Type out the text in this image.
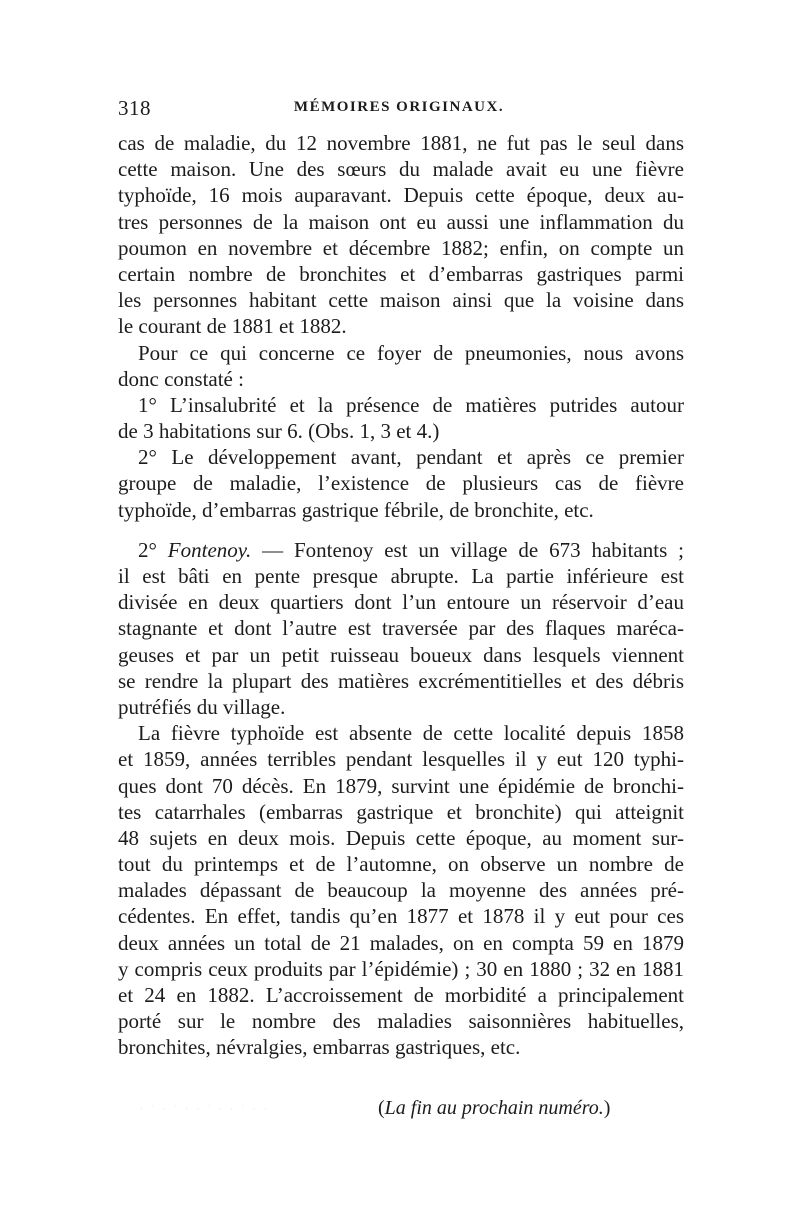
318	MÉMOIRES ORIGINAUX.
cas de maladie, du 12 novembre 1881, ne fut pas le seul dans
cette maison. Une des sœurs du malade avait eu une fièvre
typhoïde, 16 mois auparavant. Depuis cette époque, deux au-
tres personnes de la maison ont eu aussi une inflammation du
poumon en novembre et décembre 1882; enfin, on compte un
certain nombre de bronchites et d’embarras gastriques parmi
les personnes habitant cette maison ainsi que la voisine dans
le courant de 1881 et 1882.
Pour ce qui concerne ce foyer de pneumonies, nous avons
donc constaté :
1° L’insalubrité et la présence de matières putrides autour
de 3 habitations sur 6. (Obs. 1, 3 et 4.)
2° Le développement avant, pendant et après ce premier
groupe de maladie, l’existence de plusieurs cas de fièvre
typhoïde, d’embarras gastrique fébrile, de bronchite, etc.
2° Fontenoy. — Fontenoy est un village de 673 habitants ;
il est bâti en pente presque abrupte. La partie inférieure est
divisée en deux quartiers dont l’un entoure un réservoir d’eau
stagnante et dont l’autre est traversée par des flaques maréca-
geuses et par un petit ruisseau boueux dans lesquels viennent
se rendre la plupart des matières excrémentitielles et des débris
putréfiés du village.
La fièvre typhoïde est absente de cette localité depuis 1858
et 1859, années terribles pendant lesquelles il y eut 120 typhi-
ques dont 70 décès. En 1879, survint une épidémie de bronchi-
tes catarrhales (embarras gastrique et bronchite) qui atteignit
48 sujets en deux mois. Depuis cette époque, au moment sur-
tout du printemps et de l’automne, on observe un nombre de
malades dépassant de beaucoup la moyenne des années pré-
cédentes. En effet, tandis qu’en 1877 et 1878 il y eut pour ces
deux années un total de 21 malades, on en compta 59 en 1879
y compris ceux produits par l’épidémie) ; 30 en 1880 ; 32 en 1881
et 24 en 1882. L’accroissement de morbidité a principalement
porté sur le nombre des maladies saisonnières habituelles,
bronchites, névralgies, embarras gastriques, etc.
· ˙ · ˙ · · ˙ · · ˙ · ·	(La fin au prochain numéro.)
